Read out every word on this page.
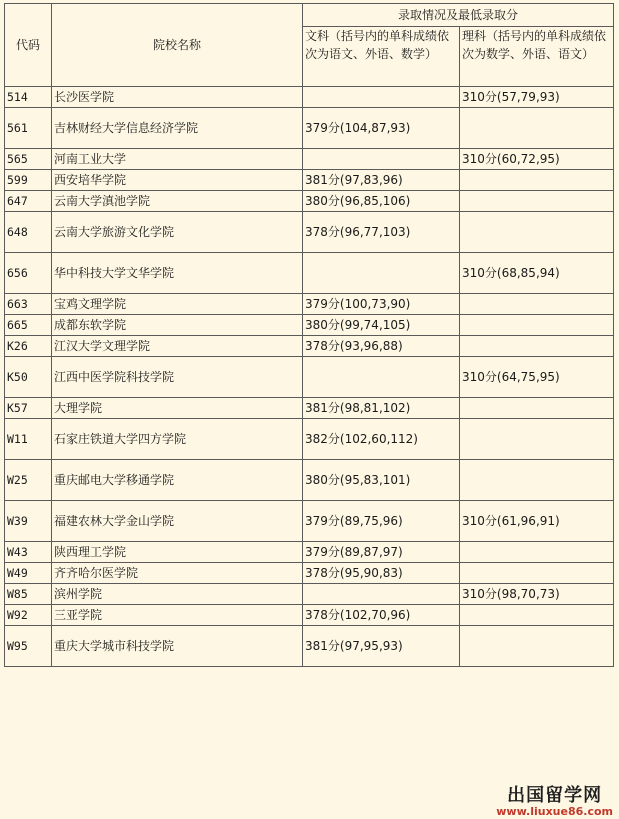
代码	院校名称	录取情况及最低录取分	
		文科（括号内的单科成绩依次为语文、外语、数学）	理科（括号内的单科成绩依次为数学、外语、语文）
514	长沙医学院		310分(57,79,93)
561	吉林财经大学信息经济学院	379分(104,87,93)	
565	河南工业大学		310分(60,72,95)
599	西安培华学院	381分(97,83,96)	
647	云南大学滇池学院	380分(96,85,106)	
648	云南大学旅游文化学院	378分(96,77,103)	
656	华中科技大学文华学院		310分(68,85,94)
663	宝鸡文理学院	379分(100,73,90)	
665	成都东软学院	380分(99,74,105)	
K26	江汉大学文理学院	378分(93,96,88)	
K50	江西中医学院科技学院		310分(64,75,95)
K57	大理学院	381分(98,81,102)	
W11	石家庄铁道大学四方学院	382分(102,60,112)	
W25	重庆邮电大学移通学院	380分(95,83,101)	
W39	福建农林大学金山学院	379分(89,75,96)	310分(61,96,91)
W43	陕西理工学院	379分(89,87,97)	
W49	齐齐哈尔医学院	378分(95,90,83)	
W85	滨州学院		310分(98,70,73)
W92	三亚学院	378分(102,70,96)	
W95	重庆大学城市科技学院	381分(97,95,93)	
出国留学网
www.liuxue86.com
